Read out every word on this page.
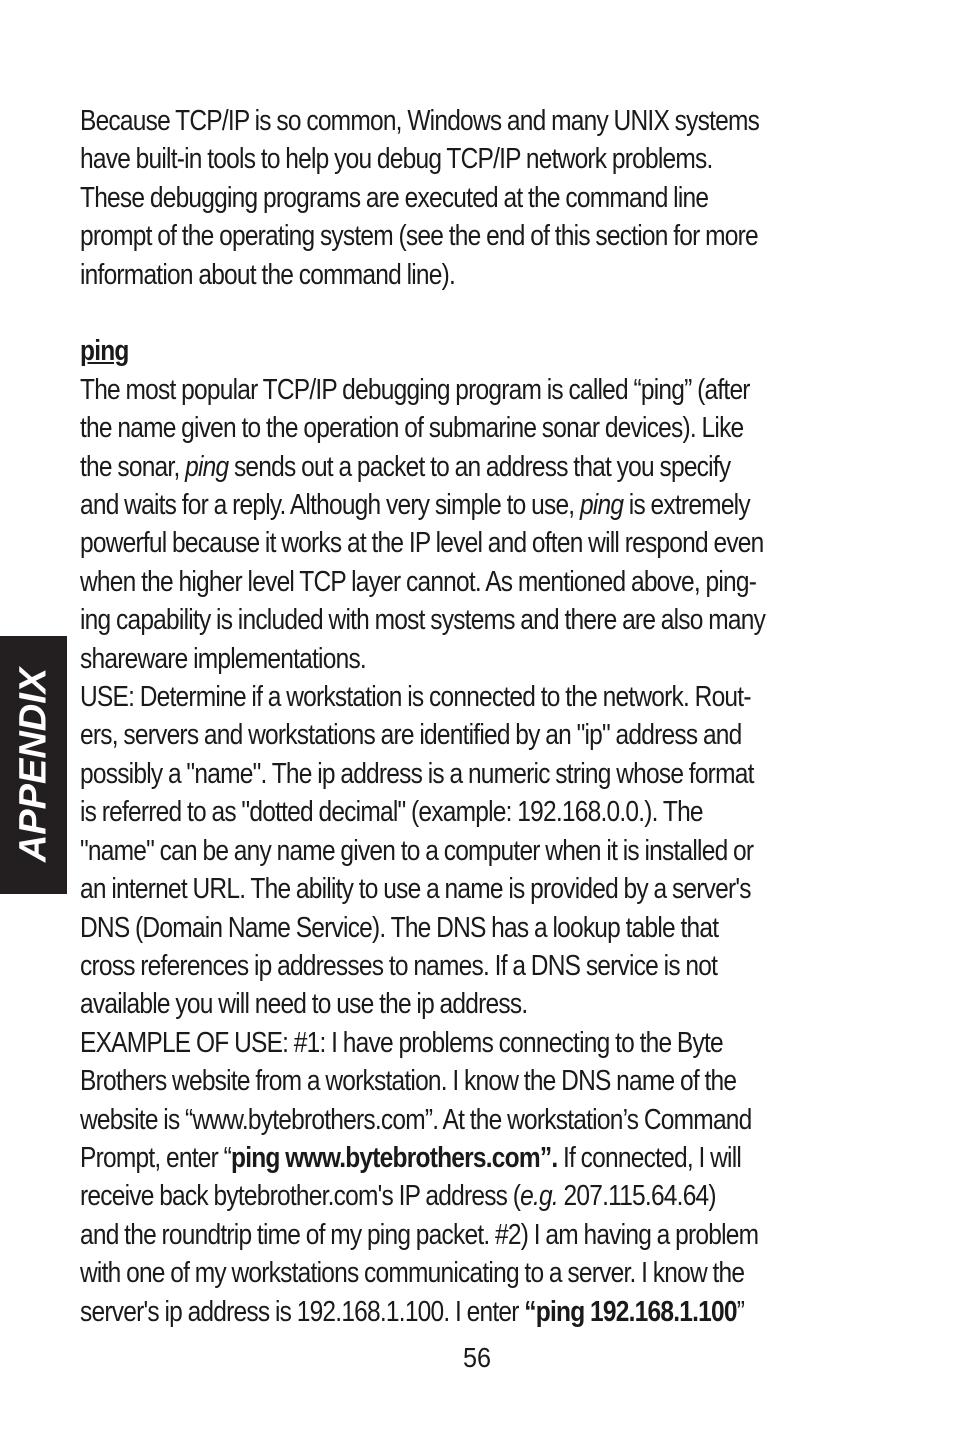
Because TCP/IP is so common, Windows and many UNIX systems
have built-in tools to help you debug TCP/IP network problems.
These debugging programs are executed at the command line
prompt of the operating system (see the end of this section for more
information about the command line).
ping
The most popular TCP/IP debugging program is called “ping” (after
the name given to the operation of submarine sonar devices). Like
the sonar, ping sends out a packet to an address that you specify
and waits for a reply. Although very simple to use, ping is extremely
powerful because it works at the IP level and often will respond even
when the higher level TCP layer cannot. As mentioned above, ping-
ing capability is included with most systems and there are also many
shareware implementations.
USE: Determine if a workstation is connected to the network. Rout-
ers, servers and workstations are identified by an "ip" address and
possibly a "name". The ip address is a numeric string whose format
is referred to as "dotted decimal" (example: 192.168.0.0.). The
"name" can be any name given to a computer when it is installed or
an internet URL. The ability to use a name is provided by a server's
DNS (Domain Name Service). The DNS has a lookup table that
cross references ip addresses to names. If a DNS service is not
available you will need to use the ip address.
EXAMPLE OF USE: #1: I have problems connecting to the Byte
Brothers website from a workstation. I know the DNS name of the
website is “www.bytebrothers.com”. At the workstation’s Command
Prompt, enter “ping www.bytebrothers.com”. If connected, I will
receive back bytebrother.com's IP address (e.g. 207.115.64.64)
and the roundtrip time of my ping packet. #2) I am having a problem
with one of my workstations communicating to a server. I know the
server's ip address is 192.168.1.100. I enter “ping 192.168.1.100”
APPENDIX
56
